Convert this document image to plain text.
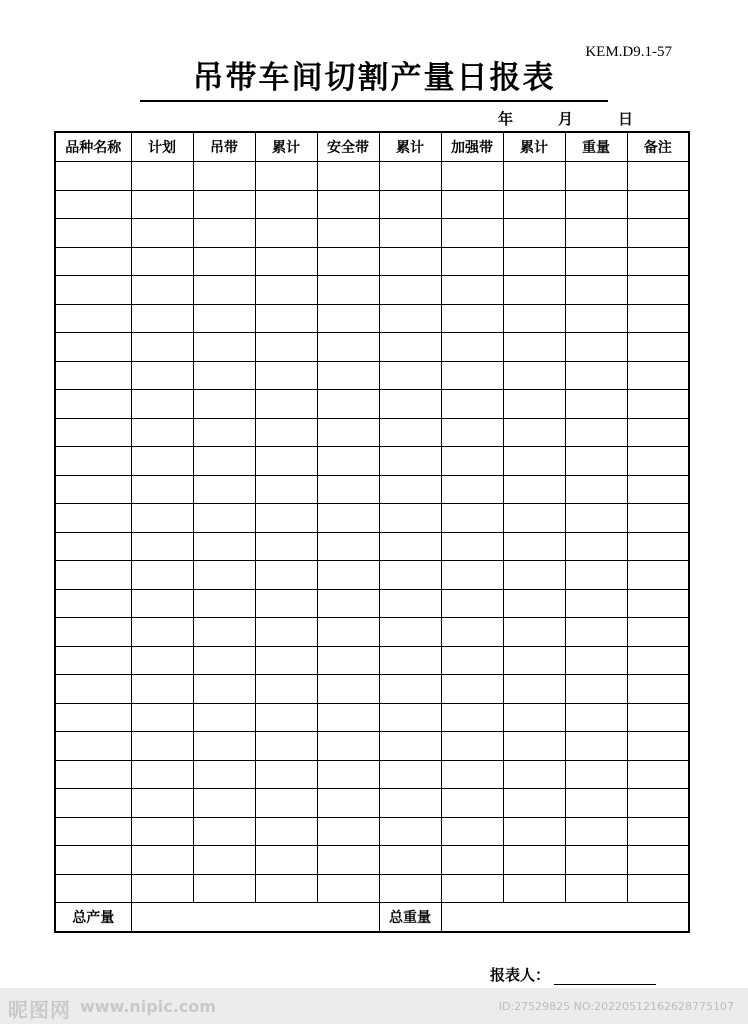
KEM.D9.1-57
吊带车间切割产量日报表
年	月	日
品种名称	计划	吊带	累计	安全带	累计	加强带	累计	重量	备注

总产量					总重量				
报表人：
昵图网 www.nipic.com	ID:27529825 NO:20220512162628775107
